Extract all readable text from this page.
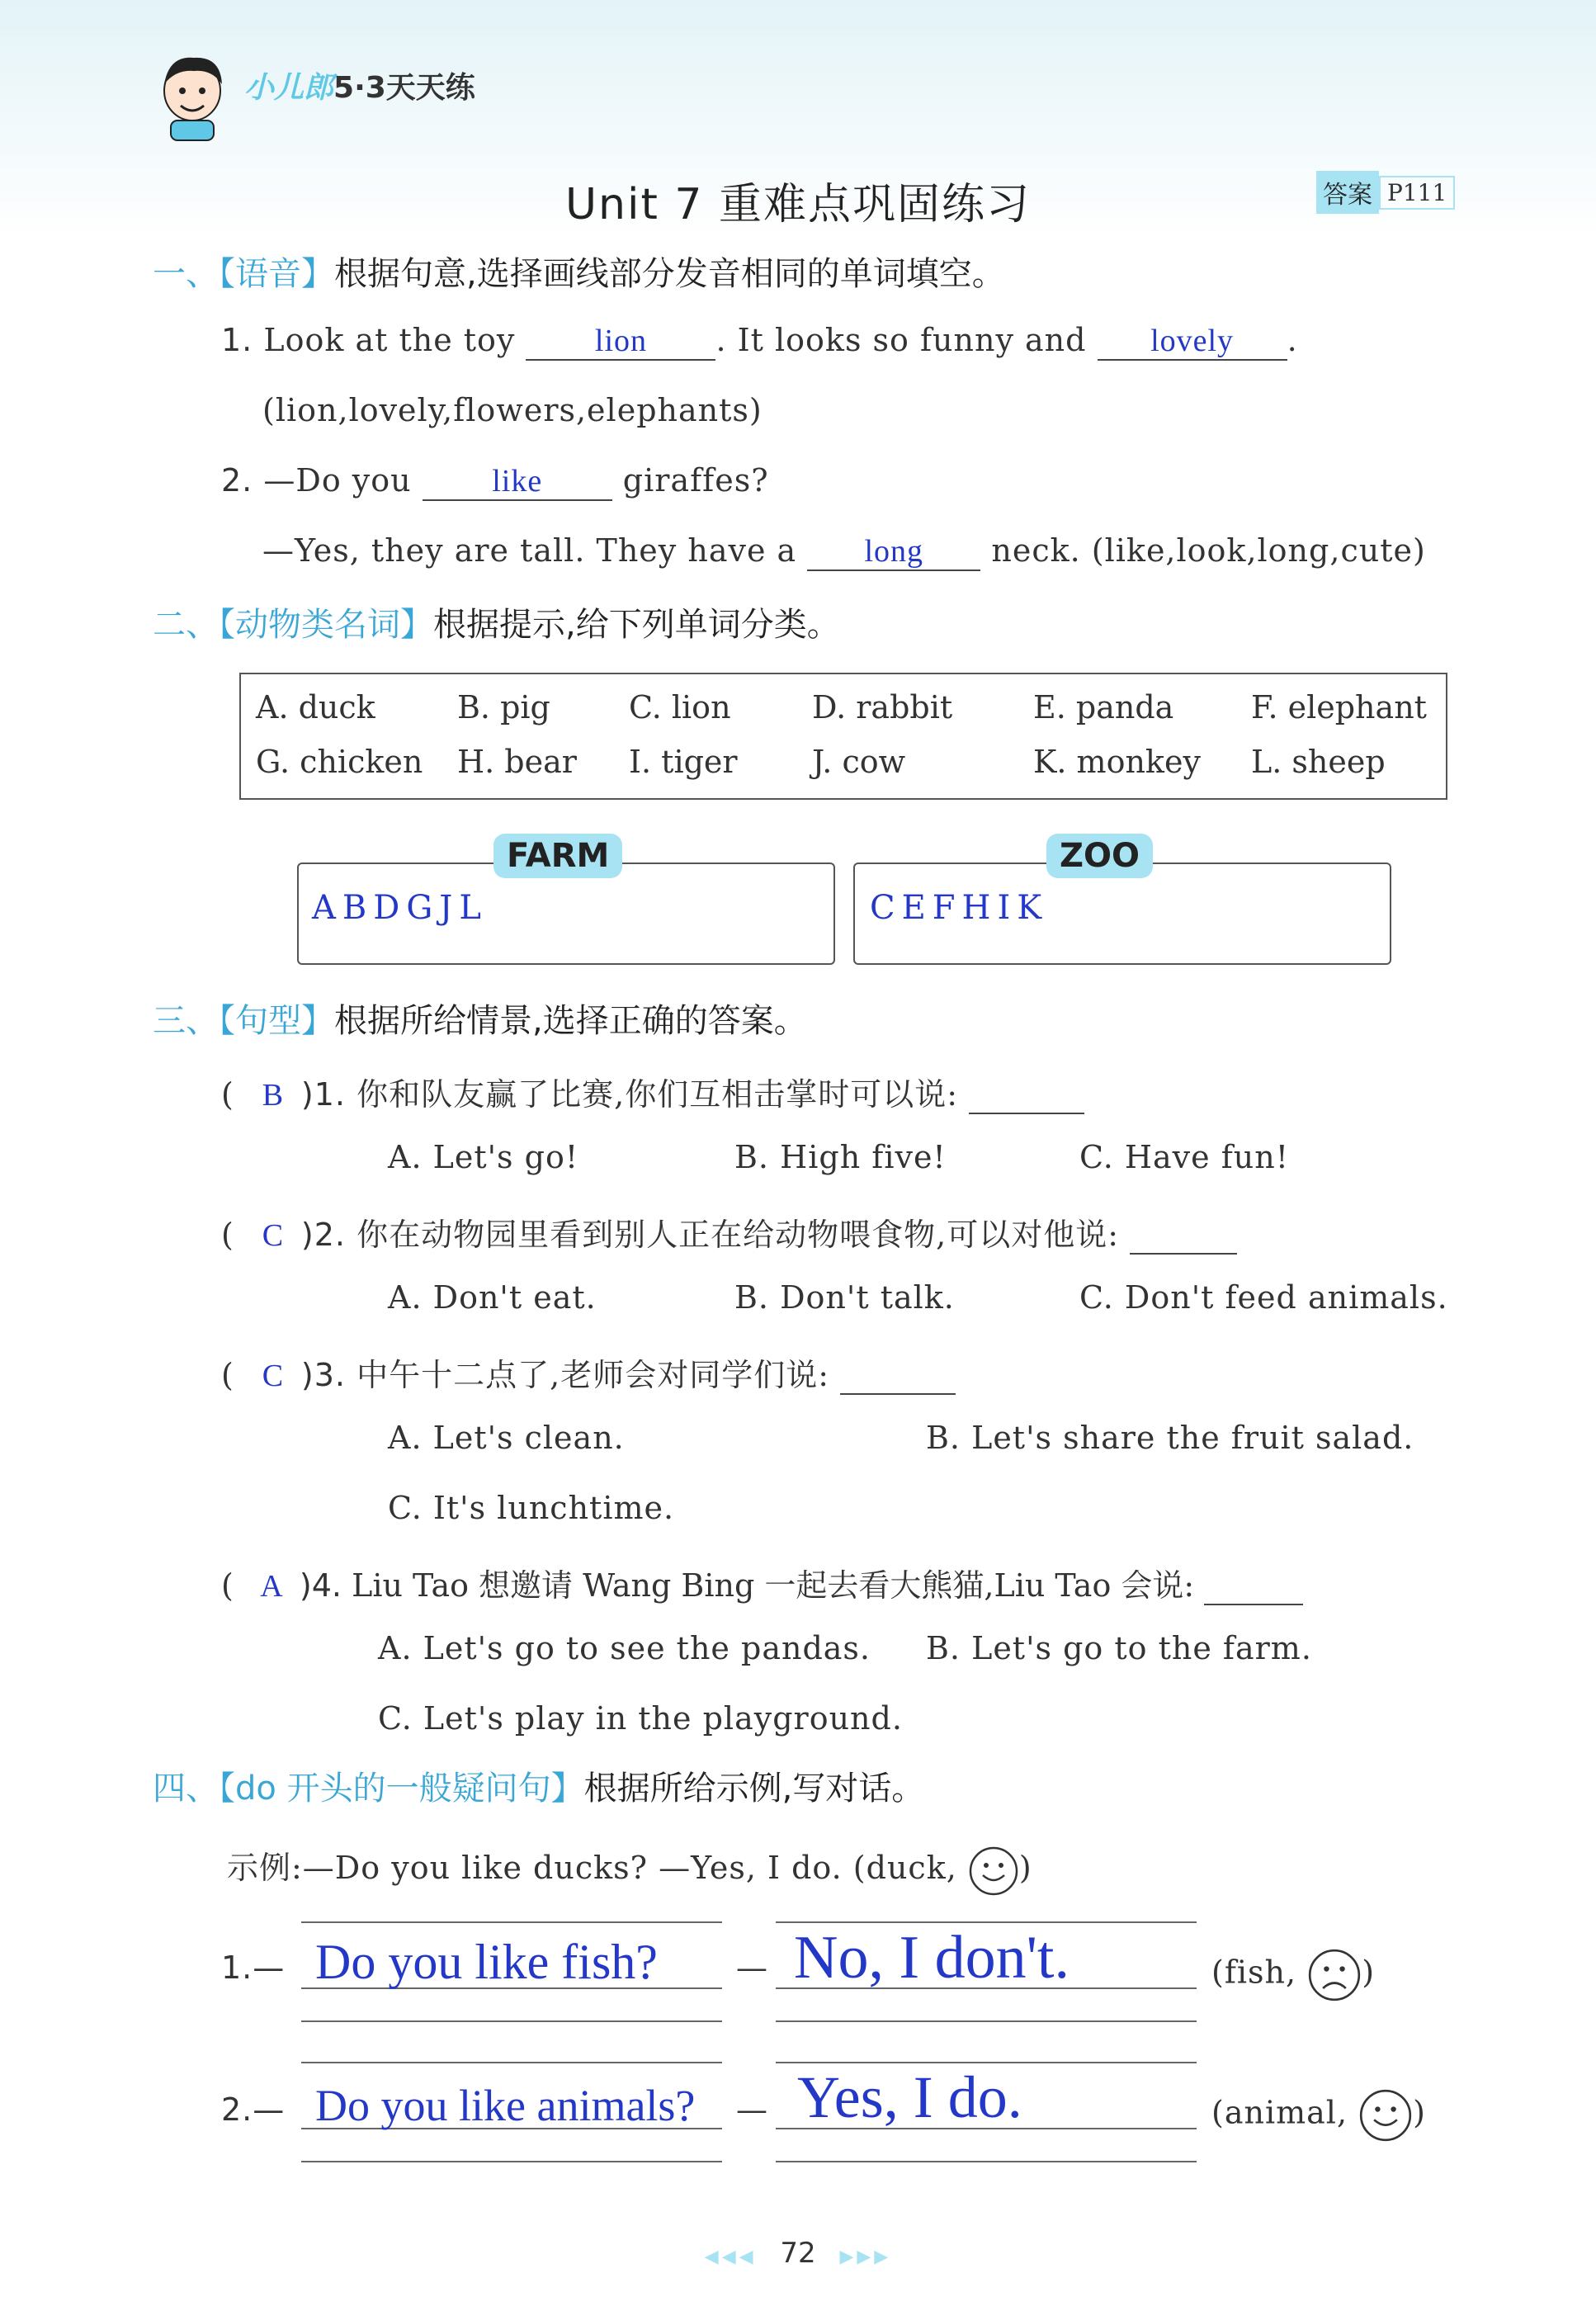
小儿郎5·3天天练
Unit 7 重难点巩固练习	答案 P111
一、【语音】根据句意,选择画线部分发音相同的单词填空。
1. Look at the toy	lion . It looks so funny and lovely .
(lion,lovely,flowers,elephants)
2. —Do you	like	giraffes?
—Yes, they are tall. They have a long neck. (like,look,long,cute)
二、【动物类名词】根据提示,给下列单词分类。
A. duck	B. pig	C. lion	D. rabbit	E. panda F. elephant
G. chicken H. bear I. tiger J. cow	K. monkey L. sheep
ABDGJL
FARM
CEFHIK
ZOO
三、【句型】根据所给情景,选择正确的答案。
( B )1. 你和队友赢了比赛,你们互相击掌时可以说:
A. Let's go!	B. High five!	C. Have fun!
( C )2. 你在动物园里看到别人正在给动物喂食物,可以对他说:
A. Don't eat.	B. Don't talk.	C. Don't feed animals.
( C )3. 中午十二点了,老师会对同学们说:
A. Let's clean.	B. Let's share the fruit salad.
C. It's lunchtime.
( A )4. Liu Tao 想邀请 Wang Bing 一起去看大熊猫,Liu Tao 会说:
A. Let's go to see the pandas. B. Let's go to the farm.
C. Let's play in the playground.
四、【do 开头的一般疑问句】根据所给示例,写对话。
示例:—Do you like ducks? —Yes, I do. (duck, )
1.— Do you like fish?	— No, I don't.	(fish, )
2.— Do you like animals? — Yes, I do.	(animal, )
◀◀◀ 72 ▶▶▶
